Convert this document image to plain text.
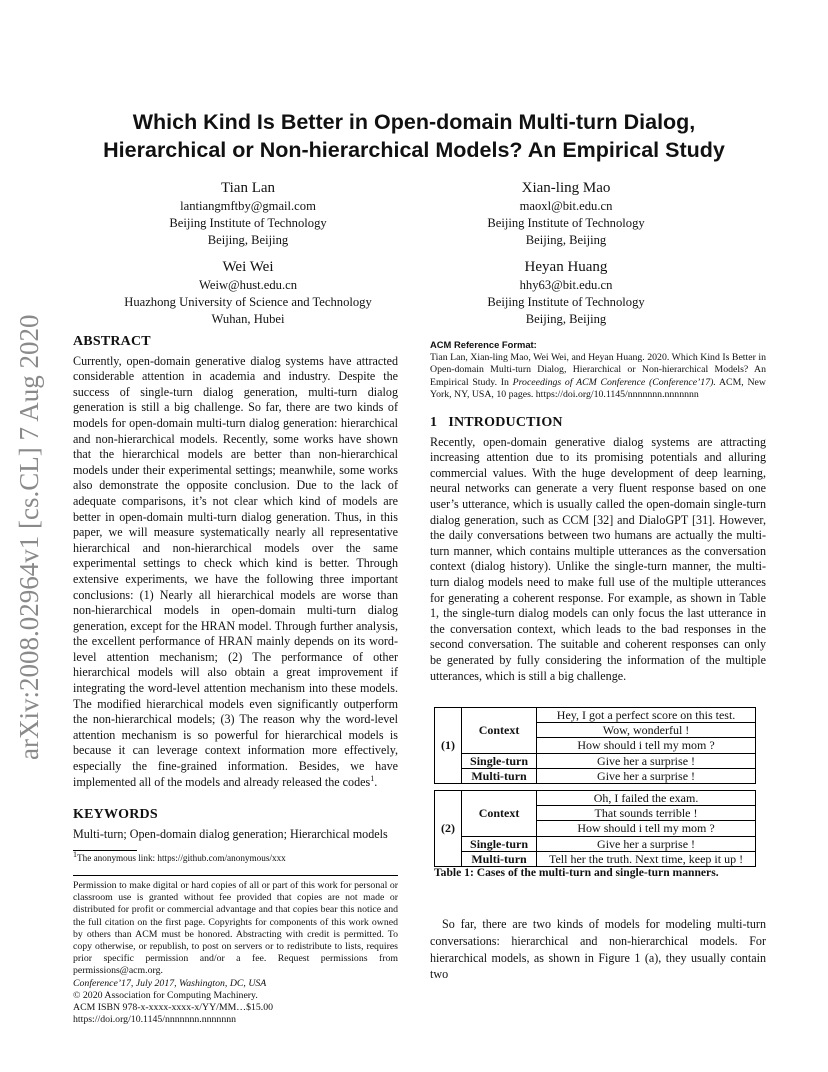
arXiv:2008.02964v1 [cs.CL] 7 Aug 2020
Which Kind Is Better in Open-domain Multi-turn Dialog,
Hierarchical or Non-hierarchical Models? An Empirical Study
Tian Lan
lantiangmftby@gmail.com
Beijing Institute of Technology
Beijing, Beijing
Xian-ling Mao
maoxl@bit.edu.cn
Beijing Institute of Technology
Beijing, Beijing
Wei Wei
Weiw@hust.edu.cn
Huazhong University of Science and Technology
Wuhan, Hubei
Heyan Huang
hhy63@bit.edu.cn
Beijing Institute of Technology
Beijing, Beijing
ABSTRACT

Currently, open-domain generative dialog systems have attracted considerable attention in academia and industry. Despite the success of single-turn dialog generation, multi-turn dialog generation is still a big challenge. So far, there are two kinds of models for open-domain multi-turn dialog generation: hierarchical and non-hierarchical models. Recently, some works have shown that the hierarchical models are better than non-hierarchical models under their experimental settings; meanwhile, some works also demonstrate the opposite conclusion. Due to the lack of adequate comparisons, it’s not clear which kind of models are better in open-domain multi-turn dialog generation. Thus, in this paper, we will measure systematically nearly all representative hierarchical and non-hierarchical models over the same experimental settings to check which kind is better. Through extensive experiments, we have the following three important conclusions: (1) Nearly all hierarchical models are worse than non-hierarchical models in open-domain multi-turn dialog generation, except for the HRAN model. Through further analysis, the excellent performance of HRAN mainly depends on its word-level attention mechanism; (2) The performance of other hierarchical models will also obtain a great improvement if integrating the word-level attention mechanism into these models. The modified hierarchical models even significantly outperform the non-hierarchical models; (3) The reason why the word-level attention mechanism is so powerful for hierarchical models is because it can leverage context information more effectively, especially the fine-grained information. Besides, we have implemented all of the models and already released the codes$^1$.

KEYWORDS

Multi-turn; Open-domain dialog generation; Hierarchical models

$^1$The anonymous link: https://github.com/anonymous/xxx

Permission to make digital or hard copies of all or part of this work for personal or classroom use is granted without fee provided that copies are not made or distributed for profit or commercial advantage and that copies bear this notice and the full citation on the first page. Copyrights for components of this work owned by others than ACM must be honored. Abstracting with credit is permitted. To copy otherwise, or republish, to post on servers or to redistribute to lists, requires prior specific permission and/or a fee. Request permissions from permissions@acm.org.

Conference’17, July 2017, Washington, DC, USA

© 2020 Association for Computing Machinery.

ACM ISBN 978-x-xxxx-xxxx-x/YY/MM…$15.00

https://doi.org/10.1145/nnnnnnn.nnnnnnn

ACM Reference Format:

Tian Lan, Xian-ling Mao, Wei Wei, and Heyan Huang. 2020. Which Kind Is Better in Open-domain Multi-turn Dialog, Hierarchical or Non-hierarchical Models? An Empirical Study. In Proceedings of ACM Conference (Conference’17). ACM, New York, NY, USA, 10 pages. https://doi.org/10.1145/nnnnnnn.nnnnnnn

1 INTRODUCTION

Recently, open-domain generative dialog systems are attracting increasing attention due to its promising potentials and alluring commercial values. With the huge development of deep learning, neural networks can generate a very fluent response based on one user’s utterance, which is usually called the open-domain single-turn dialog generation, such as CCM [32] and DialoGPT [31]. However, the daily conversations between two humans are actually the multi-turn manner, which contains multiple utterances as the conversation context (dialog history). Unlike the single-turn manner, the multi-turn dialog models need to make full use of the multiple utterances for generating a coherent response. For example, as shown in Table 1, the single-turn dialog models can only focus the last utterance in the conversation context, which leads to the bad responses in the second conversation. The suitable and coherent responses can only be generated by fully considering the information of the multiple utterances, which is still a big challenge.

(1)	Context	Hey, I got a perfect score on this test.
		Wow, wonderful !
		How should i tell my mom ?
	Single-turn	Give her a surprise !
	Multi-turn	Give her a surprise !

(2)	Context	Oh, I failed the exam.
		That sounds terrible !
		How should i tell my mom ?
	Single-turn	Give her a surprise !
	Multi-turn	Tell her the truth. Next time, keep it up !
Table 1: Cases of the multi-turn and single-turn manners.

So far, there are two kinds of models for modeling multi-turn conversations: hierarchical and non-hierarchical models. For hierarchical models, as shown in Figure 1 (a), they usually contain two
